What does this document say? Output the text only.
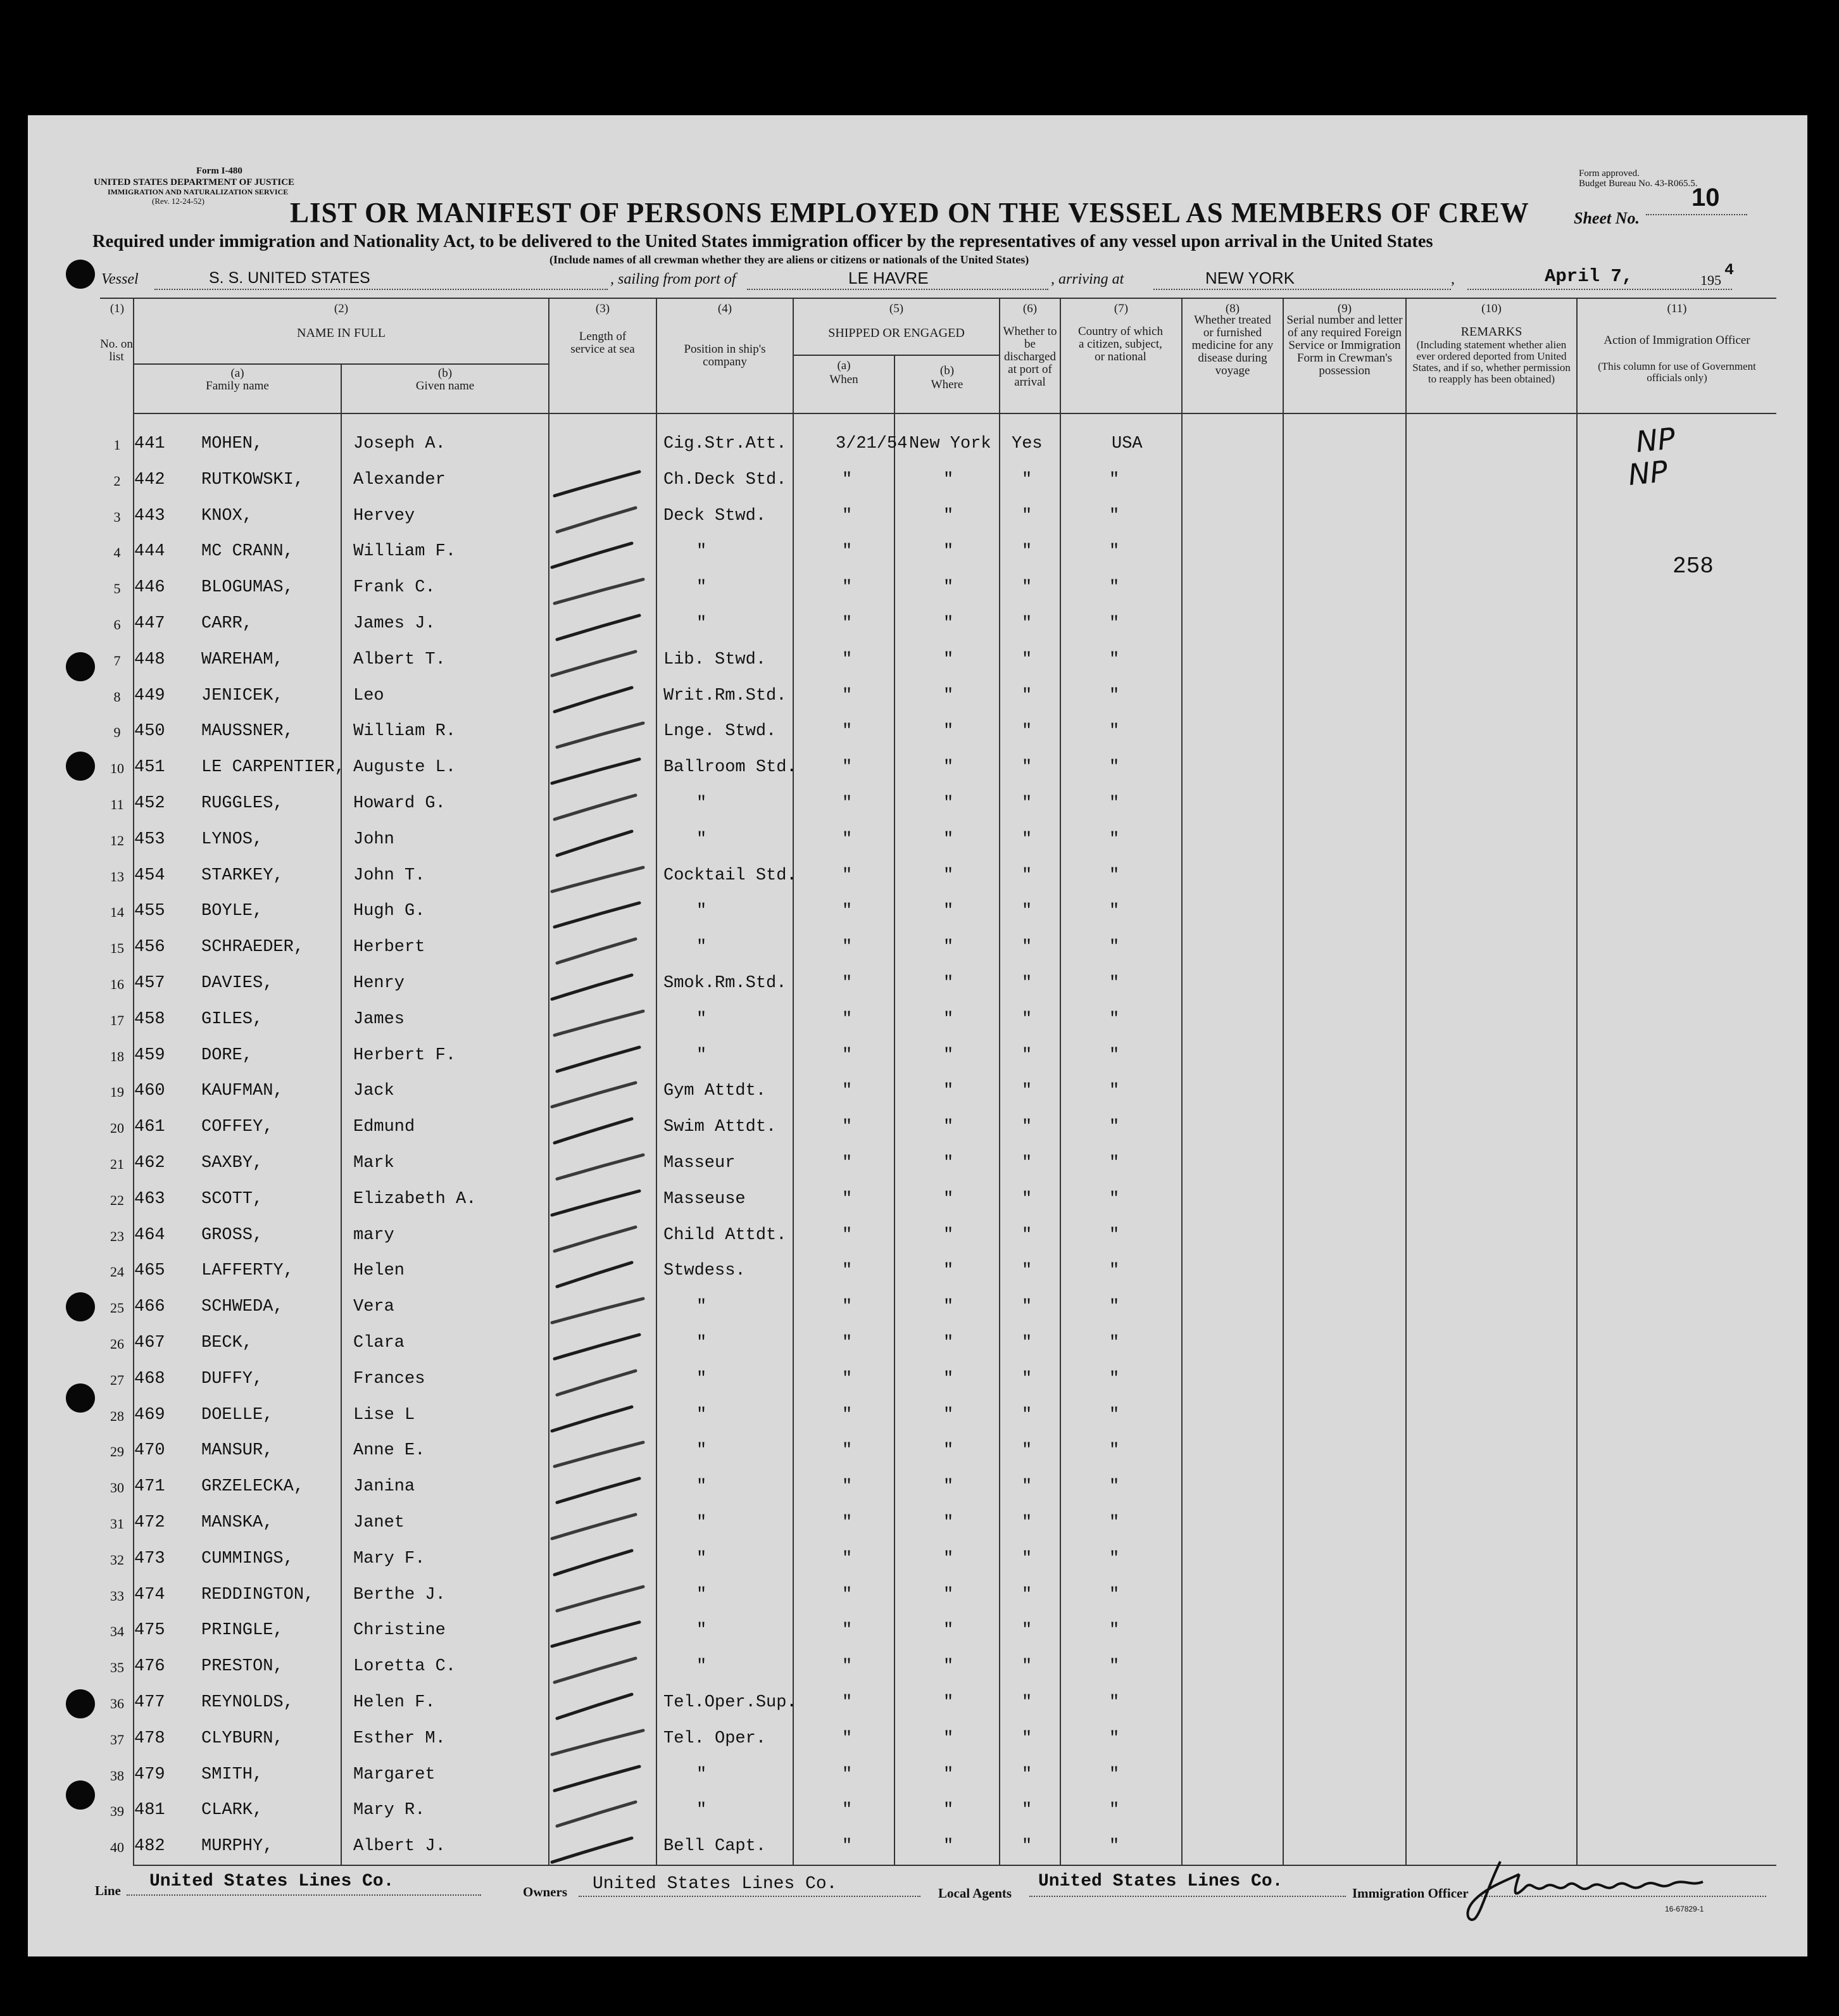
Form I-480
UNITED STATES DEPARTMENT OF JUSTICE
IMMIGRATION AND NATURALIZATION SERVICE
(Rev. 12-24-52)
Form approved.
Budget Bureau No. 43-R065.5.
LIST OR MANIFEST OF PERSONS EMPLOYED ON THE VESSEL AS MEMBERS OF CREW	Sheet No.
10
Required under immigration and Nationality Act, to be delivered to the United States immigration officer by the representatives of any vessel upon arrival in the United States
(Include names of all crewman whether they are aliens or citizens or nationals of the United States)
Vessel	S. S. UNITED STATES	, sailing from port of	LE HAVRE	, arriving at	NEW YORK	,	April 7,	195
4
(1)
No. on list
(2)
NAME IN FULL
(a)
Family name
(b)
Given name
(3)
Length of service at sea
(4)
Position in ship's company
(5)
SHIPPED OR ENGAGED
(a)
When
(b)
Where
(6)
Whether to be discharged at port of arrival
(7)
Country of which a citizen, subject, or national
(8)
Whether treated or furnished medicine for any disease during voyage
(9)
Serial number and letter of any required Foreign Service or Immigration Form in Crewman's possession
(10)
REMARKS
(Including statement whether alien ever ordered deported from United States, and if so, whether permission to reapply has been obtained)
(11)
Action of Immigration Officer
(This column for use of Government officials only)
1 441 MOHEN,	Joseph A.	Cig.Str.Att.	3/21/54 New York Yes	USA
2 442 RUTKOWSKI,	Alexander	Ch.Deck Std.	"	"	"	"
3 443 KNOX,	Hervey	Deck Stwd.	"	"	"	"
4 444 MC CRANN,	William F.	"	"	"	"	"
5 446 BLOGUMAS,	Frank C.	"	"	"	"	"
6 447 CARR,	James J.	"	"	"	"	"
7 448 WAREHAM,	Albert T.	Lib. Stwd.	"	"	"	"
8 449 JENICEK,	Leo	Writ.Rm.Std.	"	"	"	"
9 450 MAUSSNER,	William R.	Lnge. Stwd.	"	"	"	"
10 451 LE CARPENTIER, Auguste L.	Ballroom Std.	"	"	"	"
11 452 RUGGLES,	Howard G.	"	"	"	"	"
12 453 LYNOS,	John	"	"	"	"	"
13 454 STARKEY,	John T.	Cocktail Std.	"	"	"	"
14 455 BOYLE,	Hugh G.	"	"	"	"	"
15 456 SCHRAEDER,	Herbert	"	"	"	"	"
16 457 DAVIES,	Henry	Smok.Rm.Std.	"	"	"	"
17 458 GILES,	James	"	"	"	"	"
18 459 DORE,	Herbert F.	"	"	"	"	"
19 460 KAUFMAN,	Jack	Gym Attdt.	"	"	"	"
20 461 COFFEY,	Edmund	Swim Attdt.	"	"	"	"
21 462 SAXBY,	Mark	Masseur	"	"	"	"
22 463 SCOTT,	Elizabeth A.	Masseuse	"	"	"	"
23 464 GROSS,	mary	Child Attdt.	"	"	"	"
24 465 LAFFERTY,	Helen	Stwdess.	"	"	"	"
25 466 SCHWEDA,	Vera	"	"	"	"	"
26 467 BECK,	Clara	"	"	"	"	"
27 468 DUFFY,	Frances	"	"	"	"	"
28 469 DOELLE,	Lise L	"	"	"	"	"
29 470 MANSUR,	Anne E.	"	"	"	"	"
30 471 GRZELECKA,	Janina	"	"	"	"	"
31 472 MANSKA,	Janet	"	"	"	"	"
32 473 CUMMINGS,	Mary F.	"	"	"	"	"
33 474 REDDINGTON, Berthe J.	"	"	"	"	"
34 475 PRINGLE,	Christine	"	"	"	"	"
35 476 PRESTON,	Loretta C.	"	"	"	"	"
36 477 REYNOLDS,	Helen F.	Tel.Oper.Sup.	"	"	"	"
37 478 CLYBURN,	Esther M.	Tel. Oper.	"	"	"	"
38 479 SMITH,	Margaret	"	"	"	"	"
39 481 CLARK,	Mary R.	"	"	"	"	"
40 482 MURPHY,	Albert J.	Bell Capt.	"	"	"	"
NP
NP
258
Line United States Lines Co.
Owners United States Lines Co.	Local Agents
United States Lines Co.
Immigration Officer
16-67829-1
